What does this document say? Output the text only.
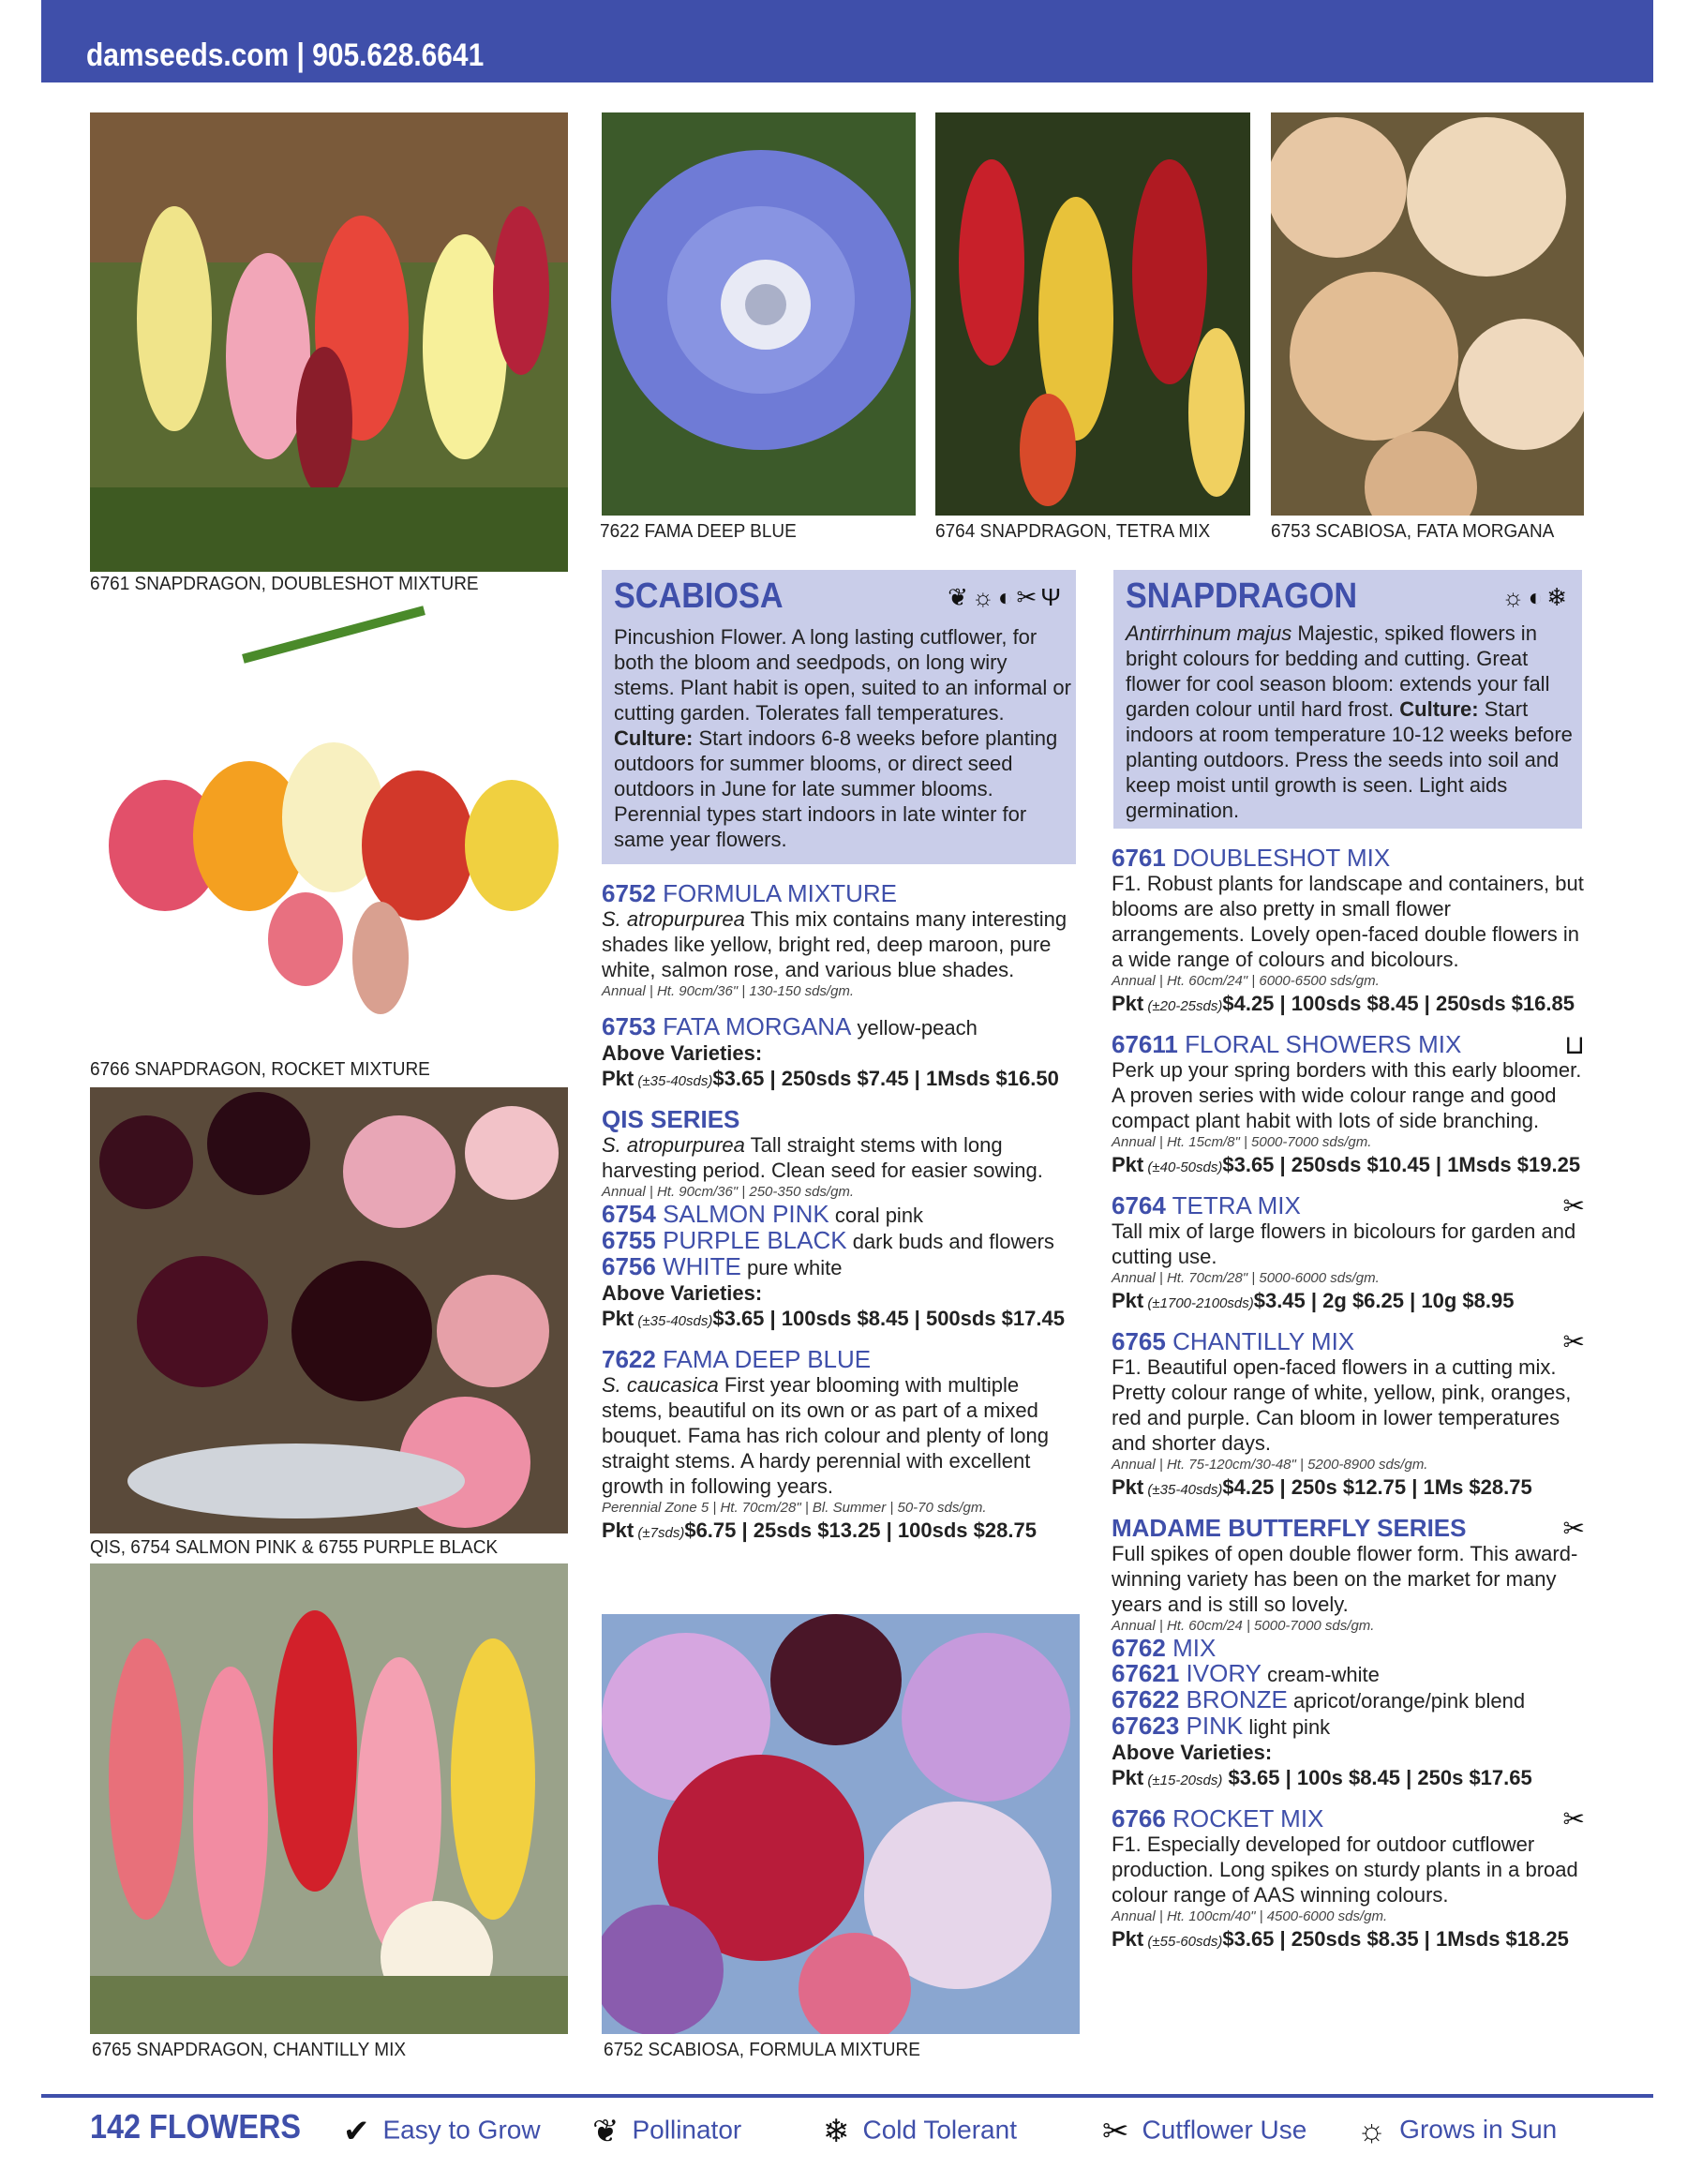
damseeds.com | 905.628.6641
6761 SNAPDRAGON, DOUBLESHOT MIXTURE
7622 FAMA DEEP BLUE	6764 SNAPDRAGON, TETRA MIX	6753 SCABIOSA, FATA MORGANA
6766 SNAPDRAGON, ROCKET MIXTURE
QIS, 6754 SALMON PINK & 6755 PURPLE BLACK
6765 SNAPDRAGON, CHANTILLY MIX	6752 SCABIOSA, FORMULA MIXTURE
SCABIOSA	❦☼◐✂Ψ
Pincushion Flower. A long lasting cutflower, for both the bloom and seedpods, on long wiry stems. Plant habit is open, suited to an informal or cutting garden. Tolerates fall temperatures. Culture: Start indoors 6-8 weeks before planting outdoors for summer blooms, or direct seed outdoors in June for late summer blooms. Perennial types start indoors in late winter for same year flowers.
6752 FORMULA MIXTURE
S. atropurpurea This mix contains many interesting shades like yellow, bright red, deep maroon, pure white, salmon rose, and various blue shades.
Annual | Ht. 90cm/36" | 130-150 sds/gm.
6753 FATA MORGANA yellow-peach
Above Varieties:
Pkt (±35-40sds)$3.65 | 250sds $7.45 | 1Msds $16.50
QIS SERIES
S. atropurpurea Tall straight stems with long harvesting period. Clean seed for easier sowing.
Annual | Ht. 90cm/36" | 250-350 sds/gm.
6754 SALMON PINK coral pink
6755 PURPLE BLACK dark buds and flowers
6756 WHITE pure white
Above Varieties:
Pkt (±35-40sds)$3.65 | 100sds $8.45 | 500sds $17.45
7622 FAMA DEEP BLUE
S. caucasica First year blooming with multiple stems, beautiful on its own or as part of a mixed bouquet. Fama has rich colour and plenty of long straight stems. A hardy perennial with excellent growth in following years.
Perennial Zone 5 | Ht. 70cm/28" | Bl. Summer | 50-70 sds/gm.
Pkt (±7sds)$6.75 | 25sds $13.25 | 100sds $28.75
SNAPDRAGON	☼◐❄
Antirrhinum majus Majestic, spiked flowers in bright colours for bedding and cutting. Great flower for cool season bloom: extends your fall garden colour until hard frost. Culture: Start indoors at room temperature 10-12 weeks before planting outdoors. Press the seeds into soil and keep moist until growth is seen. Light aids germination.
6761 DOUBLESHOT MIX
F1. Robust plants for landscape and containers, but blooms are also pretty in small flower arrangements. Lovely open-faced double flowers in a wide range of colours and bicolours.
Annual | Ht. 60cm/24" | 6000-6500 sds/gm.
Pkt (±20-25sds)$4.25 | 100sds $8.45 | 250sds $16.85
67611 FLORAL SHOWERS MIX	⊔
Perk up your spring borders with this early bloomer. A proven series with wide colour range and good compact plant habit with lots of side branching.
Annual | Ht. 15cm/8" | 5000-7000 sds/gm.
Pkt (±40-50sds)$3.65 | 250sds $10.45 | 1Msds $19.25
6764 TETRA MIX	✂
Tall mix of large flowers in bicolours for garden and cutting use.
Annual | Ht. 70cm/28" | 5000-6000 sds/gm.
Pkt (±1700-2100sds)$3.45 | 2g $6.25 | 10g $8.95
6765 CHANTILLY MIX	✂
F1. Beautiful open-faced flowers in a cutting mix. Pretty colour range of white, yellow, pink, oranges, red and purple. Can bloom in lower temperatures and shorter days.
Annual | Ht. 75-120cm/30-48" | 5200-8900 sds/gm.
Pkt (±35-40sds)$4.25 | 250s $12.75 | 1Ms $28.75
MADAME BUTTERFLY SERIES	✂
Full spikes of open double flower form. This award-winning variety has been on the market for many years and is still so lovely.
Annual | Ht. 60cm/24 | 5000-7000 sds/gm.
6762 MIX
67621 IVORY cream-white
67622 BRONZE apricot/orange/pink blend
67623 PINK light pink
Above Varieties:
Pkt (±15-20sds) $3.65 | 100s $8.45 | 250s $17.65
6766 ROCKET MIX	✂
F1. Especially developed for outdoor cutflower production. Long spikes on sturdy plants in a broad colour range of AAS winning colours.
Annual | Ht. 100cm/40" | 4500-6000 sds/gm.
Pkt (±55-60sds)$3.65 | 250sds $8.35 | 1Msds $18.25
142 FLOWERS ✔ Easy to Grow ❦ Pollinator	❄ Cold Tolerant	✂ Cutflower Use ☼ Grows in Sun
